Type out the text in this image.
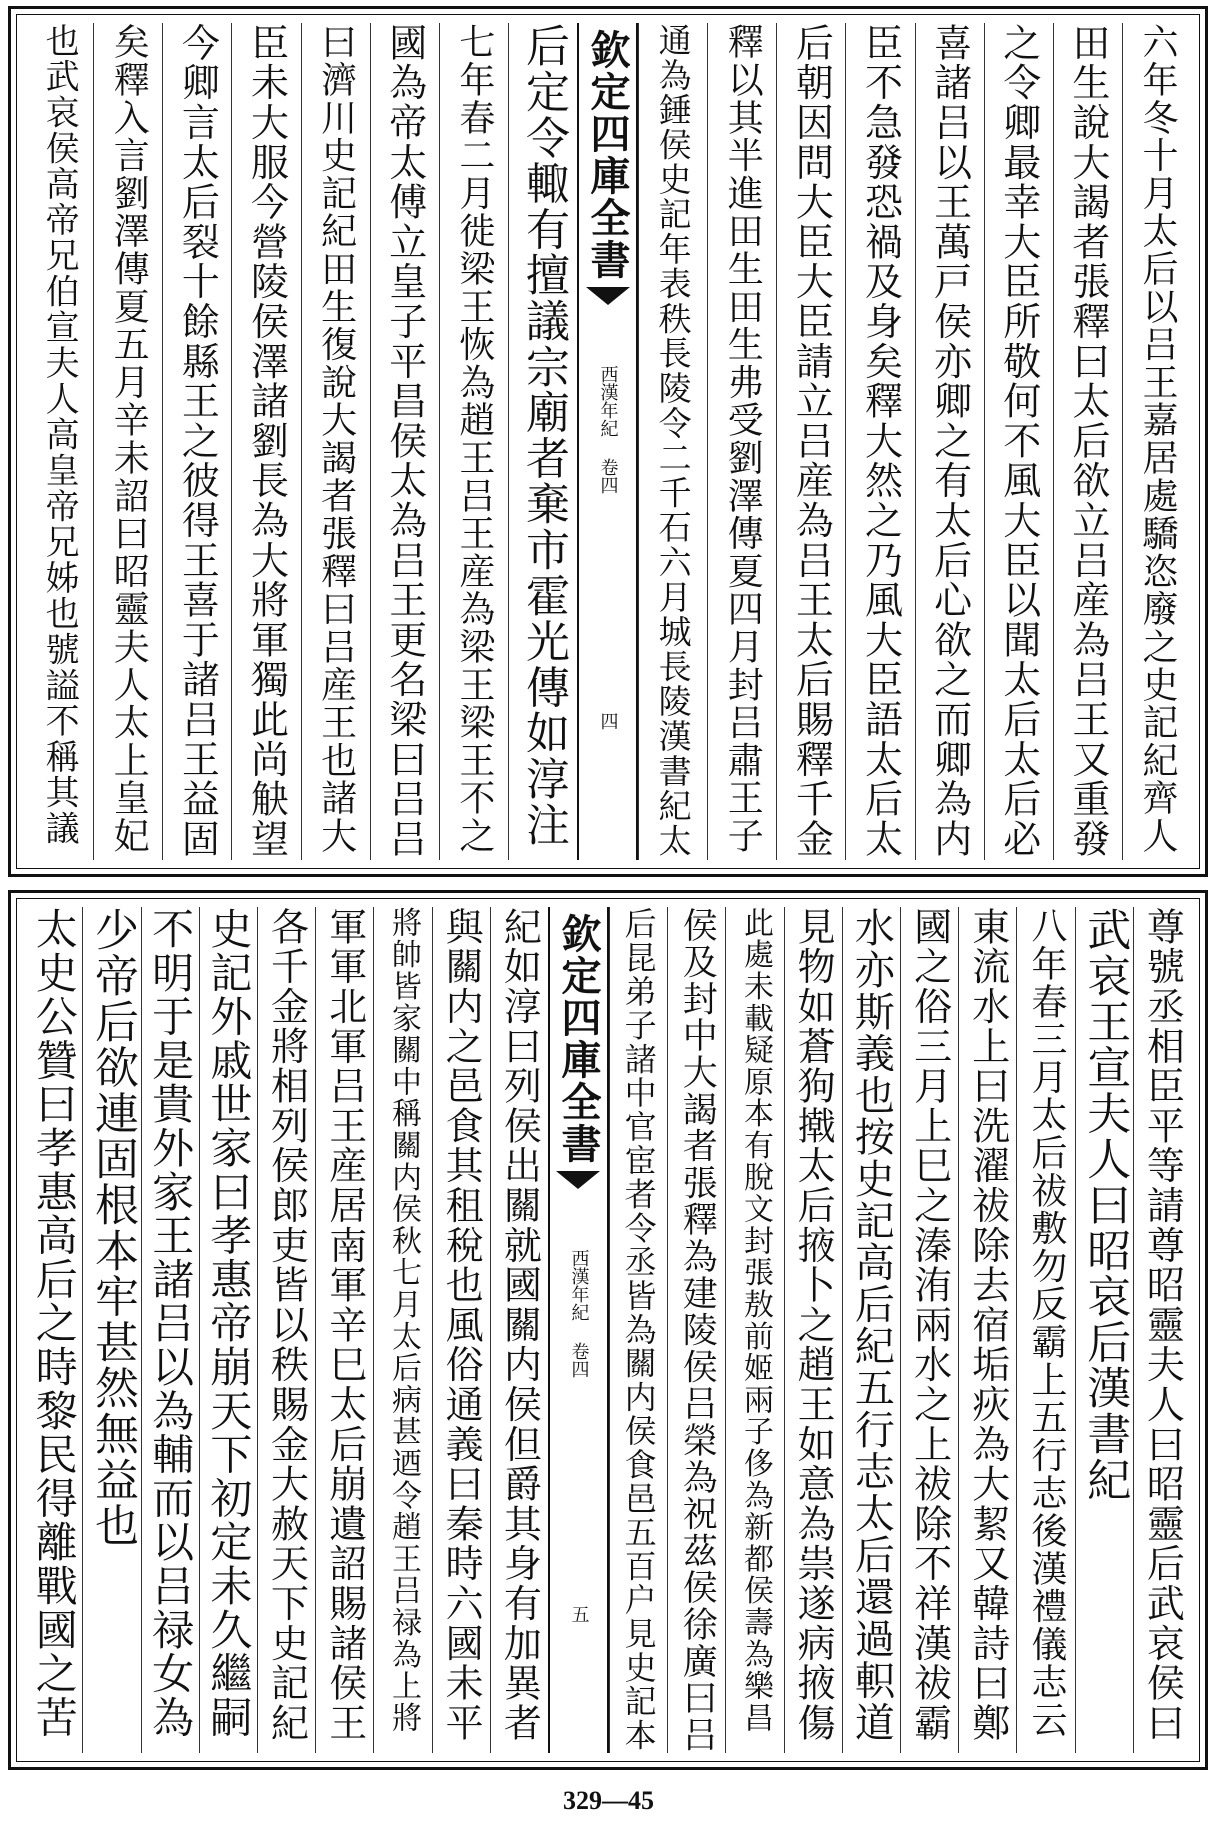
六年冬十月太后以吕王嘉居處驕恣廢之史記紀齊人
田生說大謁者張釋曰太后欲立吕産為吕王又重發
之令卿最幸大臣所敬何不風大臣以聞太后太后必
喜諸吕以王萬戸侯亦卿之有太后心欲之而卿為内
臣不急發恐禍及身矣釋大然之乃風大臣語太后太
后朝因問大臣大臣請立吕産為吕王太后賜釋千金
釋以其半進田生田生弗受劉澤傳夏四月封吕肅王子
通為錘侯史記年表秩長陵令二千石六月城長陵漢書紀太
欽定四庫全書
西漢年紀 卷四
四
后定令輙有擅議宗廟者棄市霍光傳如淳注
七年春二月徙梁王恢為趙王吕王産為梁王梁王不之
國為帝太傅立皇子平昌侯太為吕王更名梁曰吕吕
曰濟川史記紀田生復說大謁者張釋曰吕産王也諸大
臣未大服今營陵侯澤諸劉長為大將軍獨此尚觖望
今卿言太后裂十餘縣王之彼得王喜于諸吕王益固
矣釋入言劉澤傳夏五月辛未詔曰昭靈夫人太上皇妃
也武哀侯高帝兄伯宣夫人高皇帝兄姊也號謚不稱其議
尊號丞相臣平等請尊昭靈夫人曰昭靈后武哀侯曰
武哀王宣夫人曰昭哀后漢書紀
八年春三月太后祓敷勿反霸上五行志後漢禮儀志云
東流水上曰洗濯祓除去宿垢疢為大絜又韓詩曰鄭
國之俗三月上巳之溱洧兩水之上祓除不祥漢祓霸
水亦斯義也按史記高后紀五行志太后還過軹道
見物如蒼狗撠太后掖卜之趙王如意為祟遂病掖傷
此處未載疑原本有脫文封張敖前姬兩子侈為新都侯壽為樂昌
侯及封中大謁者張釋為建陵侯吕榮為祝茲侯徐廣曰吕
后昆弟子諸中官宦者令丞皆為關内侯食邑五百户見史記本
欽定四庫全書
西漢年紀 卷四
五
紀如淳曰列侯出關就國關内侯但爵其身有加異者
與關内之邑食其租稅也風俗通義曰秦時六國未平
將帥皆家關中稱關内侯秋七月太后病甚迺令趙王吕禄為上將
軍軍北軍吕王産居南軍辛巳太后崩遺詔賜諸侯王
各千金將相列侯郎吏皆以秩賜金大赦天下史記紀
史記外戚世家曰孝惠帝崩天下初定未久繼嗣
不明于是貴外家王諸吕以為輔而以吕禄女為
少帝后欲連固根本牢甚然無益也
太史公贊曰孝惠高后之時黎民得離戰國之苦
329—45
